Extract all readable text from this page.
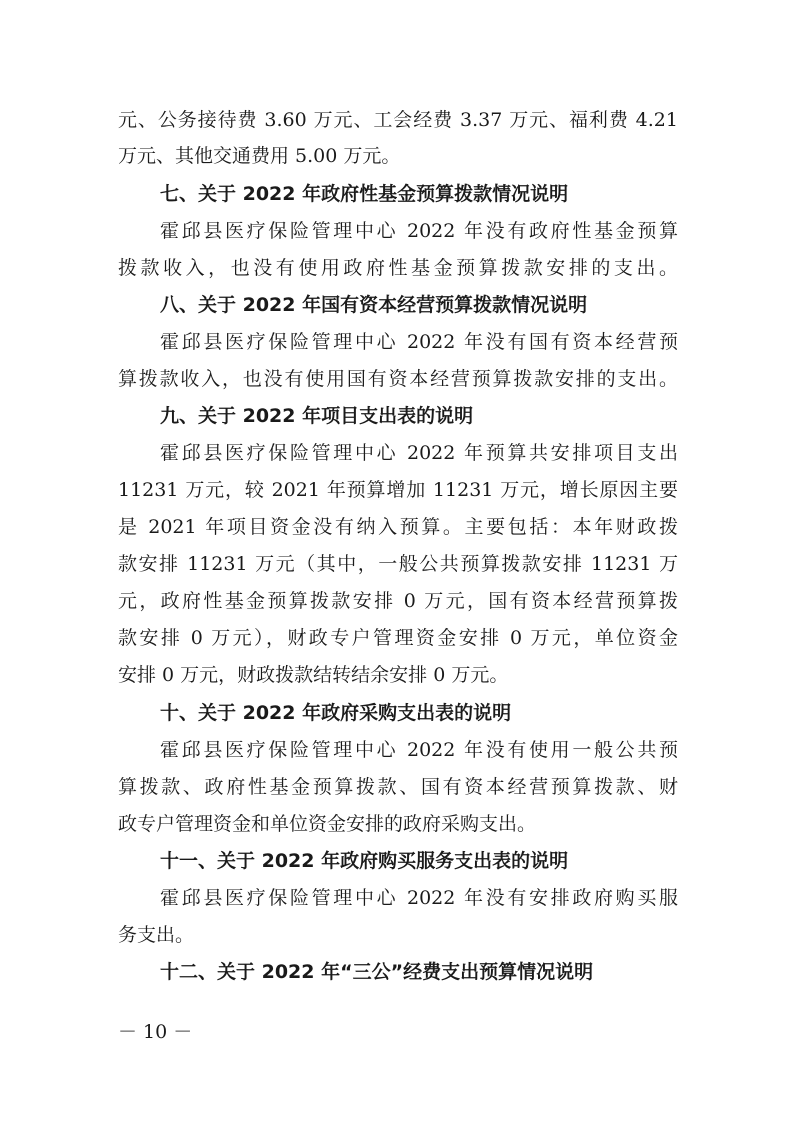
元、公务接待费 3.60 万元、工会经费 3.37 万元、福利费 4.21
万元、其他交通费用 5.00 万元。
七、关于 2022 年政府性基金预算拨款情况说明
霍邱县医疗保险管理中心 2022 年没有政府性基金预算
拨款收入，也没有使用政府性基金预算拨款安排的支出。
八、关于 2022 年国有资本经营预算拨款情况说明
霍邱县医疗保险管理中心 2022 年没有国有资本经营预
算拨款收入，也没有使用国有资本经营预算拨款安排的支出。
九、关于 2022 年项目支出表的说明
霍邱县医疗保险管理中心 2022 年预算共安排项目支出
11231 万元，较 2021 年预算增加 11231 万元，增长原因主要
是 2021 年项目资金没有纳入预算。主要包括：本年财政拨
款安排 11231 万元（其中，一般公共预算拨款安排 11231 万
元，政府性基金预算拨款安排 0 万元，国有资本经营预算拨
款安排 0 万元），财政专户管理资金安排 0 万元，单位资金
安排 0 万元，财政拨款结转结余安排 0 万元。
十、关于 2022 年政府采购支出表的说明
霍邱县医疗保险管理中心 2022 年没有使用一般公共预
算拨款、政府性基金预算拨款、国有资本经营预算拨款、财
政专户管理资金和单位资金安排的政府采购支出。
十一、关于 2022 年政府购买服务支出表的说明
霍邱县医疗保险管理中心 2022 年没有安排政府购买服
务支出。
十二、关于 2022 年“三公”经费支出预算情况说明
－ 10 －
